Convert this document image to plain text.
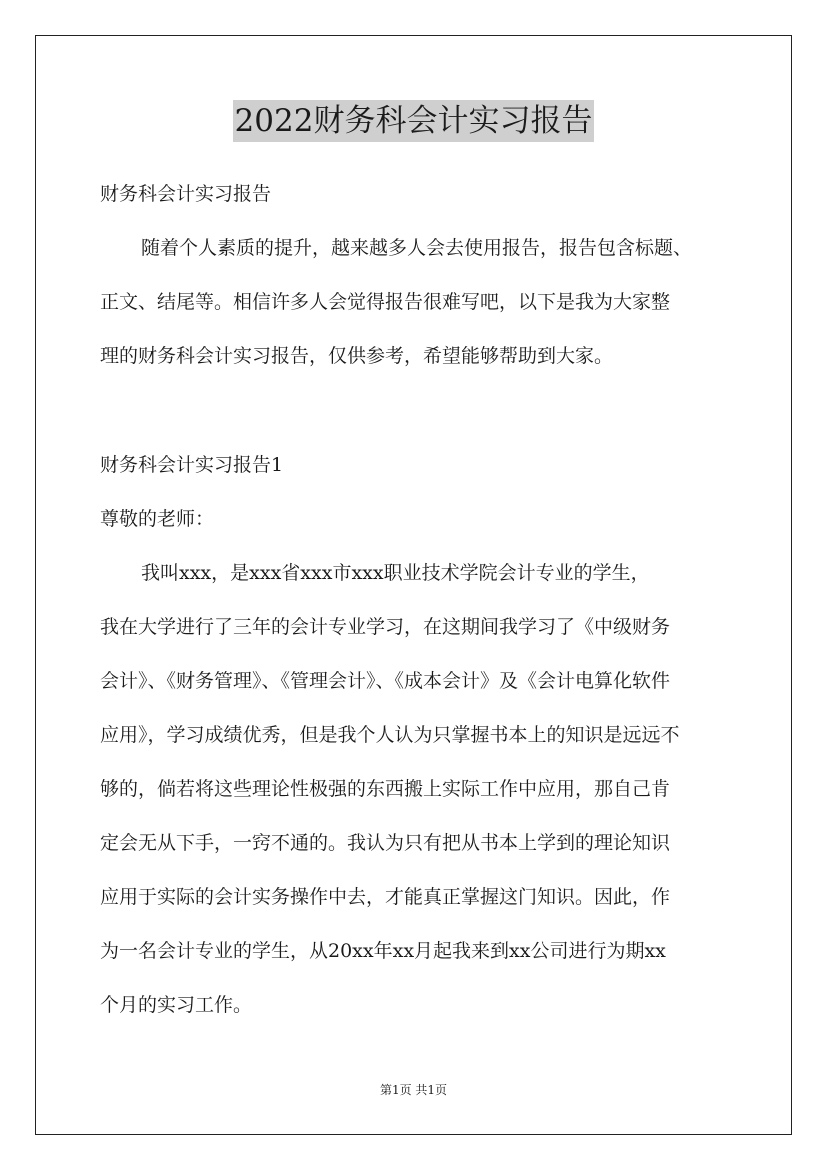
2022财务科会计实习报告
财务科会计实习报告
随着个人素质的提升，越来越多人会去使用报告，报告包含标题、
正文、结尾等。相信许多人会觉得报告很难写吧，以下是我为大家整
理的财务科会计实习报告，仅供参考，希望能够帮助到大家。
财务科会计实习报告1
尊敬的老师：
我叫xxx，是xxx省xxx市xxx职业技术学院会计专业的学生，
我在大学进行了三年的会计专业学习，在这期间我学习了《中级财务
会计》、《财务管理》、《管理会计》、《成本会计》及《会计电算化软件
应用》，学习成绩优秀，但是我个人认为只掌握书本上的知识是远远不
够的，倘若将这些理论性极强的东西搬上实际工作中应用，那自己肯
定会无从下手，一窍不通的。我认为只有把从书本上学到的理论知识
应用于实际的会计实务操作中去，才能真正掌握这门知识。因此，作
为一名会计专业的学生，从20xx年xx月起我来到xx公司进行为期xx
个月的实习工作。
第1页 共1页
